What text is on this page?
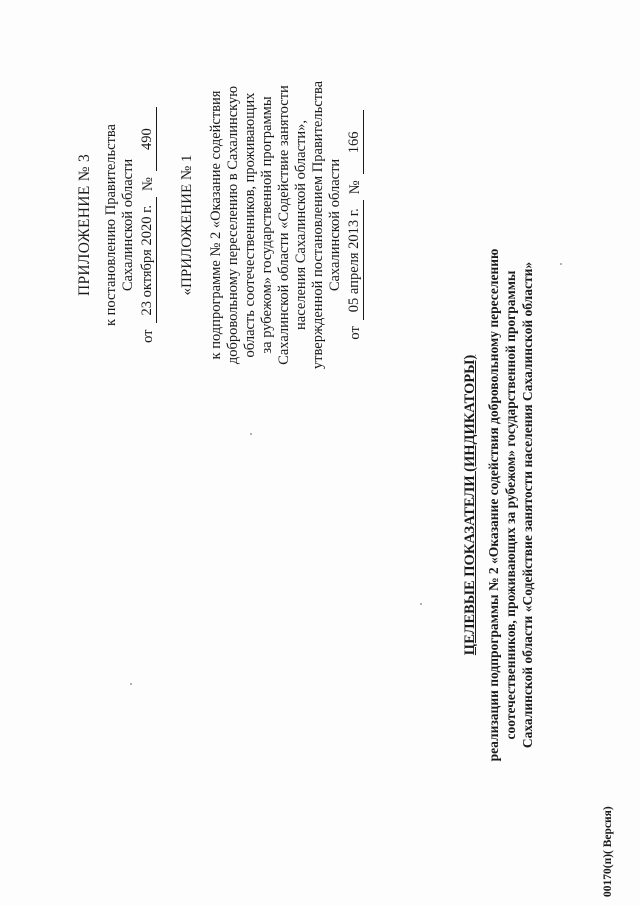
ПРИЛОЖЕНИЕ № 3 к постановлению Правительства Сахалинской области
от
23 октября 2020 г.
№
490
«ПРИЛОЖЕНИЕ № 1 к подпрограмме № 2 «Оказание содействия добровольному переселению в Сахалинскую область соотечественников, проживающих за рубежом» государственной программы Сахалинской области «Содействие занятости населения Сахалинской области», утвержденной постановлением Правительства Сахалинской области
от
05 апреля 2013 г.
№
166
ЦЕЛЕВЫЕ ПОКАЗАТЕЛИ (ИНДИКАТОРЫ) реализации подпрограммы № 2 «Оказание содействия добровольному переселению соотечественников, проживающих за рубежом» государственной программы Сахалинской области «Содействие занятости населения Сахалинской области»
00170(п)( Версия)
